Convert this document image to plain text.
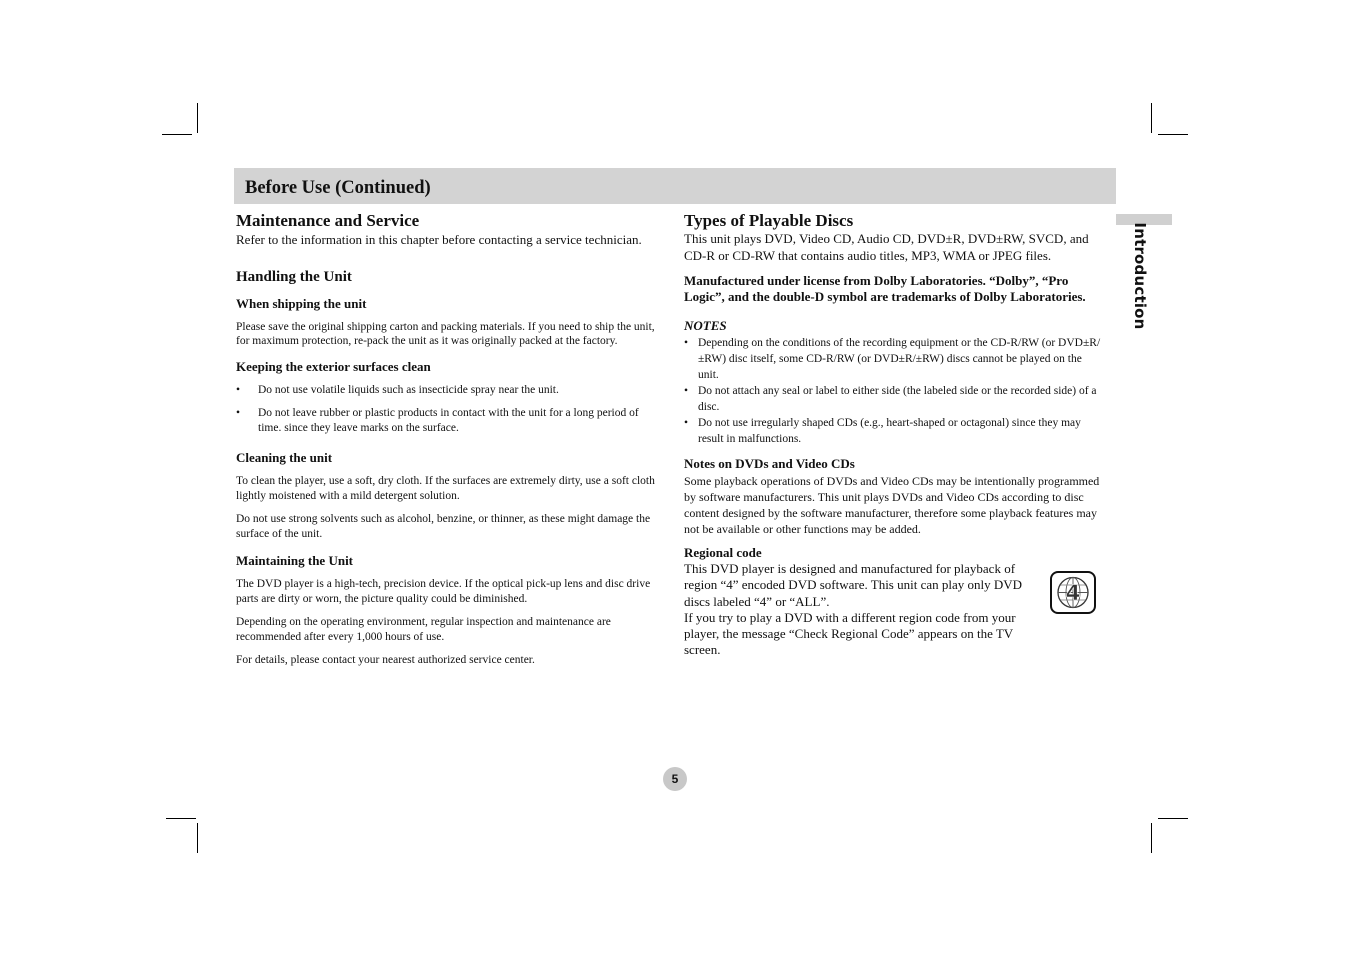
Before Use (Continued)
Introduction
Maintenance and Service

Refer to the information in this chapter before contacting a service technician.

Handling the Unit
When shipping the unit

Please save the original shipping carton and packing materials. If you need to ship the unit, for maximum protection, re-pack the unit as it was originally packed at the factory.

Keeping the exterior surfaces clean
• Do not use volatile liquids such as insecticide spray near the unit.
• Do not leave rubber or plastic products in contact with the unit for a long period of time. since they leave marks on the surface.
Cleaning the unit

To clean the player, use a soft, dry cloth. If the surfaces are extremely dirty, use a soft cloth lightly moistened with a mild detergent solution.

Do not use strong solvents such as alcohol, benzine, or thinner, as these might damage the surface of the unit.

Maintaining the Unit

The DVD player is a high-tech, precision device. If the optical pick-up lens and disc drive parts are dirty or worn, the picture quality could be diminished.

Depending on the operating environment, regular inspection and maintenance are recommended after every 1,000 hours of use.

For details, please contact your nearest authorized service center.

Types of Playable Discs

This unit plays DVD, Video CD, Audio CD, DVD±R, DVD±RW, SVCD, and CD-R or CD-RW that contains audio titles, MP3, WMA or JPEG files.

Manufactured under license from Dolby Laboratories. “Dolby”, “Pro Logic”, and the double-D symbol are trademarks of Dolby Laboratories.

NOTES

• Depending on the conditions of the recording equipment or the CD-R/RW (or DVD±R/±RW) disc itself, some CD-R/RW (or DVD±R/±RW) discs cannot be played on the unit.
• Do not attach any seal or label to either side (the labeled side or the recorded side) of a disc.
• Do not use irregularly shaped CDs (e.g., heart-shaped or octagonal) since they may result in malfunctions.
Notes on DVDs and Video CDs

Some playback operations of DVDs and Video CDs may be intentionally programmed by software manufacturers. This unit plays DVDs and Video CDs according to disc content designed by the software manufacturer, therefore some playback features may not be available or other functions may be added.

Regional code

This DVD player is designed and manufactured for playback of region “4” encoded DVD software. This unit can play only DVD discs labeled “4” or “ALL”.

If you try to play a DVD with a different region code from your player, the message “Check Regional Code” appears on the TV screen.

4
5
